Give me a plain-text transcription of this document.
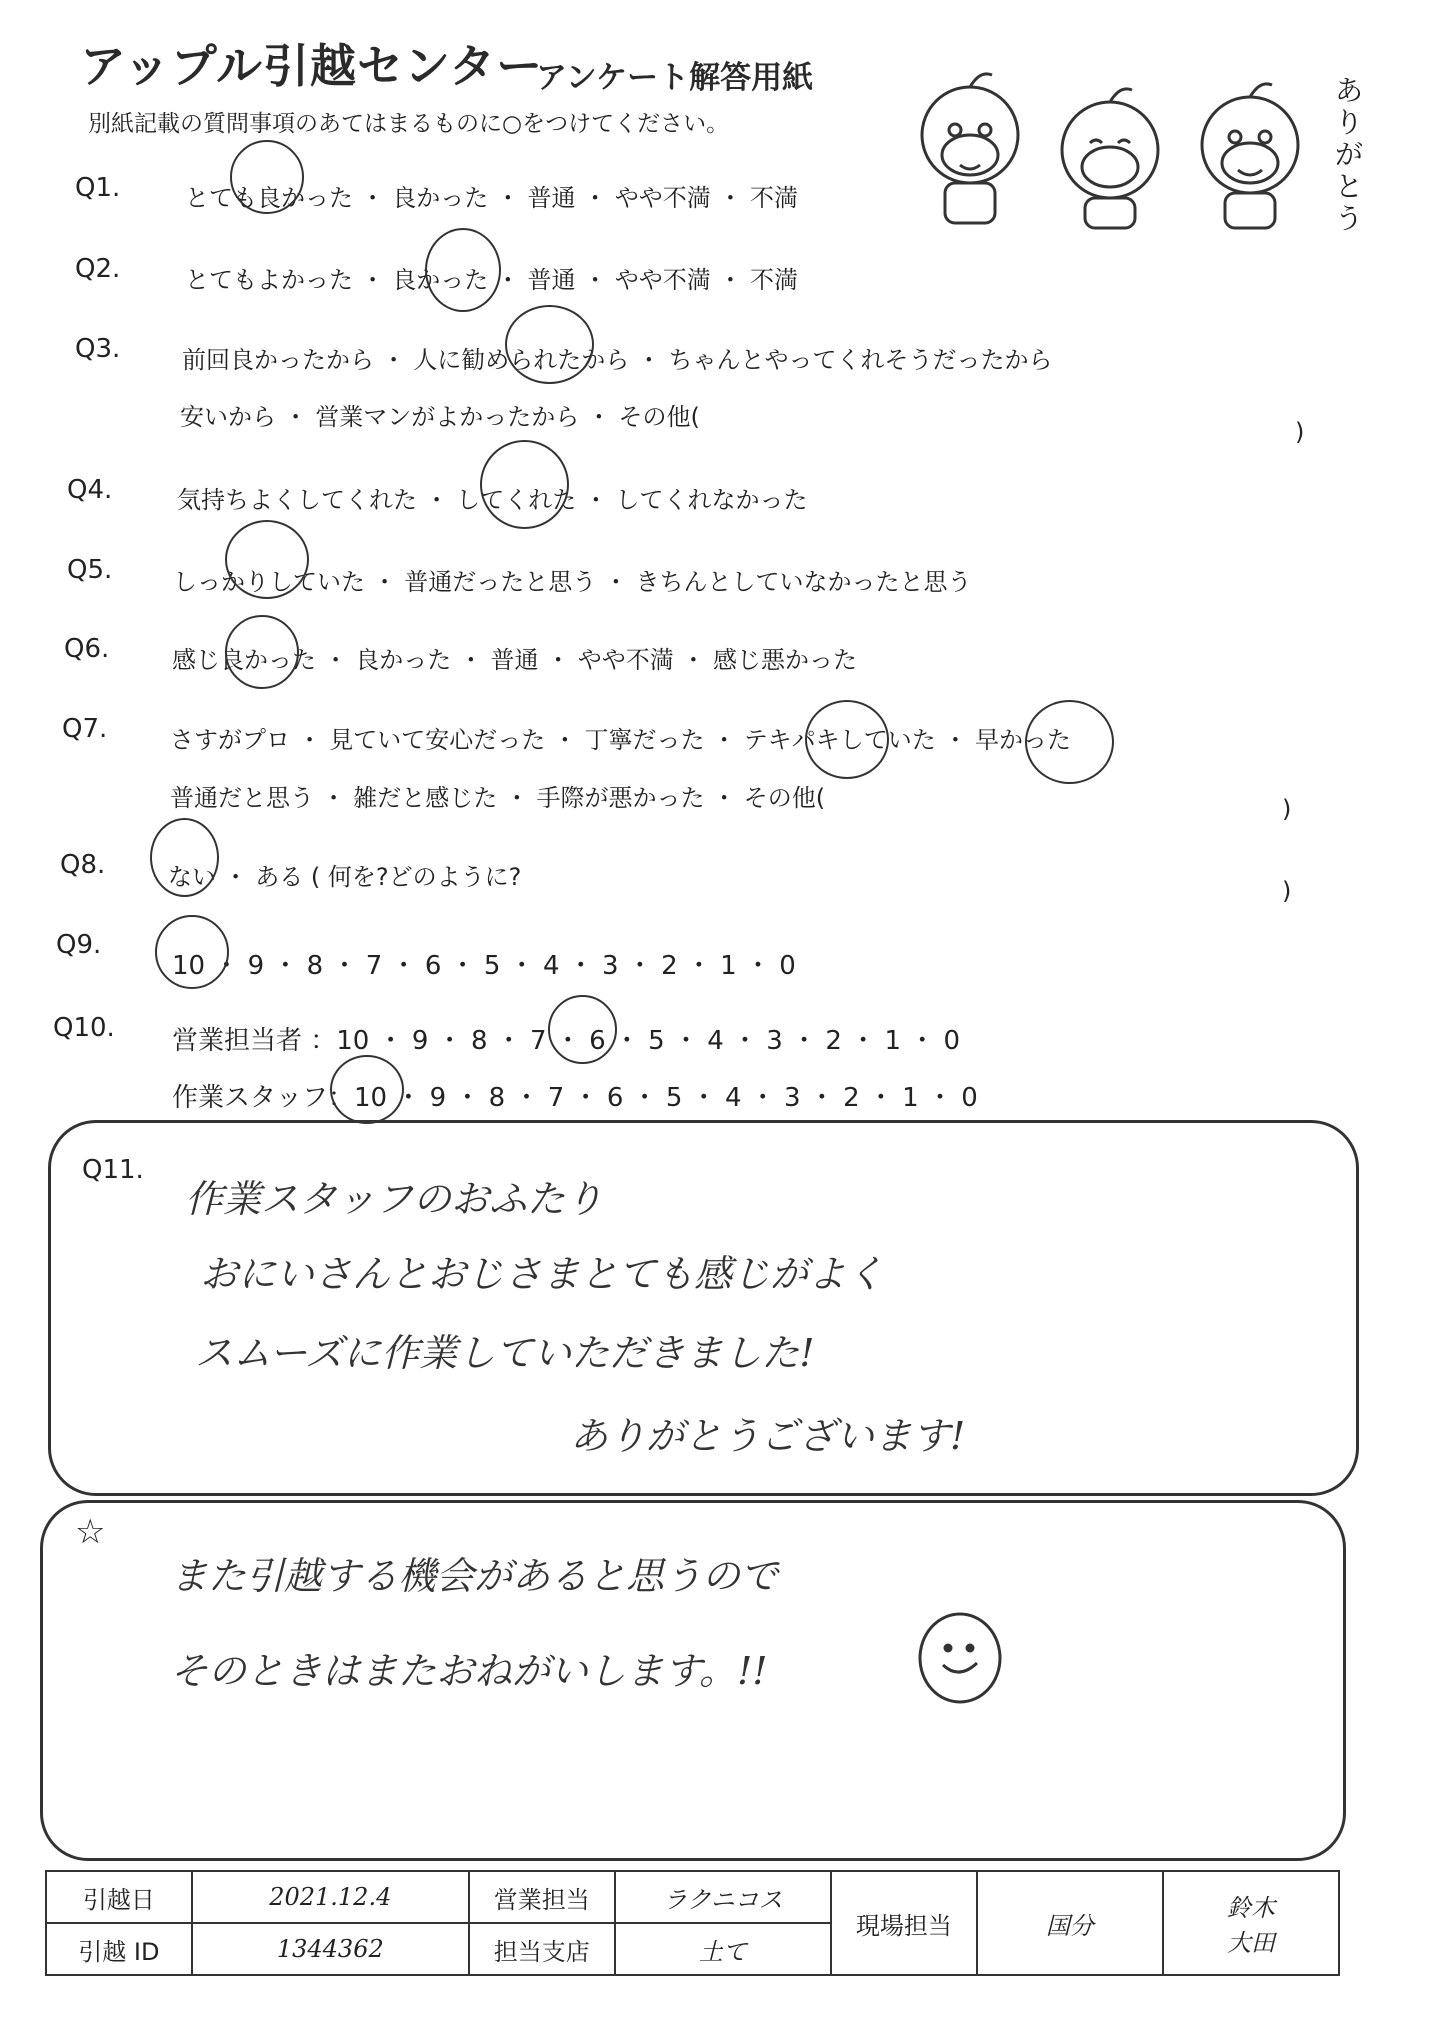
アップル引越センター
アンケート解答用紙
別紙記載の質問事項のあてはまるものに○をつけてください。
ありがとう
Q1.	とても良かった ・ 良かった ・ 普通 ・ やや不満 ・ 不満
Q2.	とてもよかった ・ 良かった ・ 普通 ・ やや不満 ・ 不満
Q3.	前回良かったから ・ 人に勧められたから ・ ちゃんとやってくれそうだったから
安いから ・ 営業マンがよかったから ・ その他(
)
Q4.	気持ちよくしてくれた ・ してくれた ・ してくれなかった
Q5.	しっかりしていた ・ 普通だったと思う ・ きちんとしていなかったと思う
Q6.	感じ良かった ・ 良かった ・ 普通 ・ やや不満 ・ 感じ悪かった
Q7.	さすがプロ ・ 見ていて安心だった ・ 丁寧だった ・ テキパキしていた ・ 早かった
普通だと思う ・ 雑だと感じた ・ 手際が悪かった ・ その他(	)
Q8.	ない ・ ある ( 何を?どのように?	)
Q9.
10 ・ 9 ・ 8 ・ 7 ・ 6 ・ 5 ・ 4 ・ 3 ・ 2 ・ 1 ・ 0
Q10. 営業担当者 ：10 ・ 9 ・ 8 ・ 7 ・ 6 ・ 5 ・ 4 ・ 3 ・ 2 ・ 1 ・ 0
作業スタッフ：10 ・ 9 ・ 8 ・ 7 ・ 6 ・ 5 ・ 4 ・ 3 ・ 2 ・ 1 ・ 0
Q11.
作業スタッフのおふたり
おにいさんとおじさまとても感じがよく
スムーズに作業していただきました!
ありがとうございます!
☆
また引越する機会があると思うので
そのときはまたおねがいします。!!
引越日	2021.12.4	営業担当	ラクニコス	現場担当	国分	鈴木
大田

引越 ID	1344362	担当支店	土て			
